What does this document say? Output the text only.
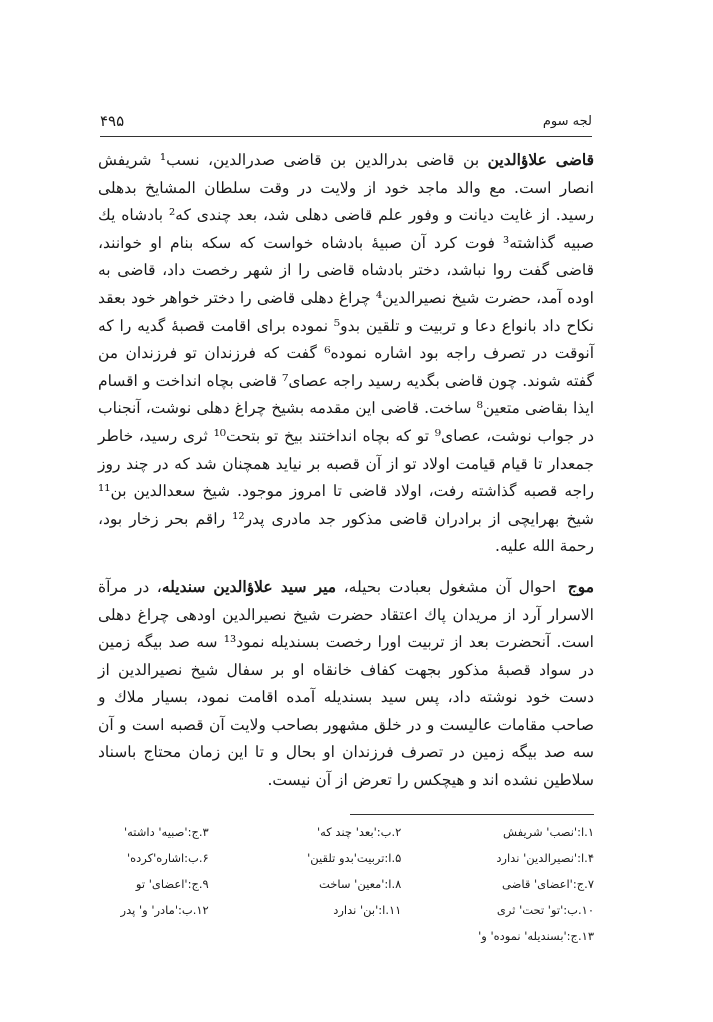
لجه سوم
۴۹۵

قاضی علاؤالدین بن قاضی بدرالدین بن قاضی صدرالدین، نسب¹ شریفش انصار است. مع والد ماجد خود از ولایت در وقت سلطان المشایخ بدهلی رسید. از غایت دیانت و وفور علم قاضی دهلی شد، بعد چندی که² بادشاه یك صبیه گذاشته³ فوت کرد آن صبیهٔ بادشاه خواست که سکه بنام او خوانند، قاضی گفت روا نباشد، دختر بادشاه قاضی را از شهر رخصت داد، قاضی به اوده آمد، حضرت شیخ نصیرالدین⁴ چراغ دهلی قاضی را دختر خواهر خود بعقد نکاح داد بانواع دعا و تربیت و تلقین بدو⁵ نموده برای اقامت قصبهٔ گدیه را که آنوقت در تصرف راجه بود اشاره نموده⁶ گفت که فرزندان تو فرزندان من گفته شوند. چون قاضی بگدیه رسید راجه عصای⁷ قاضی بچاه انداخت و اقسام ایذا بقاضی متعین⁸ ساخت. قاضی این مقدمه بشیخ چراغ دهلی نوشت، آنجناب در جواب نوشت، عصای⁹ تو که بچاه انداختند بیخ تو بتحت¹⁰ ثری رسید، خاطر جمعدار تا قیام قیامت اولاد تو از آن قصبه بر نیاید همچنان شد که در چند روز راجه قصبه گذاشته رفت، اولاد قاضی تا امروز موجود. شیخ سعدالدین بن¹¹ شیخ بهرایچی از برادران قاضی مذکور جد مادری پدر¹² راقم بحر زخار بود، رحمة الله علیه.

موج احوال آن مشغول بعبادت بحیله، میر سید علاؤالدین سندیله، در مرآة الاسرار آرد از مریدان پاك اعتقاد حضرت شیخ نصیرالدین اودهی چراغ دهلی است. آنحضرت بعد از تربیت اورا رخصت بسندیله نمود¹³ سه صد بیگه زمین در سواد قصبهٔ مذکور بجهت کفاف خانقاه او بر سفال شیخ نصیرالدین از دست خود نوشته داد، پس سید بسندیله آمده اقامت نمود، بسیار ملاك و صاحب مقامات عالیست و در خلق مشهور بصاحب ولایت آن قصبه است و آن سه صد بیگه زمین در تصرف فرزندان او بحال و تا این زمان محتاج باسناد سلاطین نشده اند و هیچکس را تعرض از آن نیست.

۱.ا:'نصب' شریفش
۲.ب:'بعد' چند که'
۳.ج:'صبیه' داشته'
۴.ا:'نصیرالدین' ندارد
۵.ا:تربیت'بدو تلقین'
۶.ب:اشاره'کرده'
۷.ج:'اعضای' قاضی
۸.ا:'معین' ساخت
۹.ج:'اعضای' تو
۱۰.ب:'تو' تحت' ثری
۱۱.ا:'بن' ندارد
۱۲.ب:'مادر' و' پدر
۱۳.ج:'بسندیله' نموده' و'
